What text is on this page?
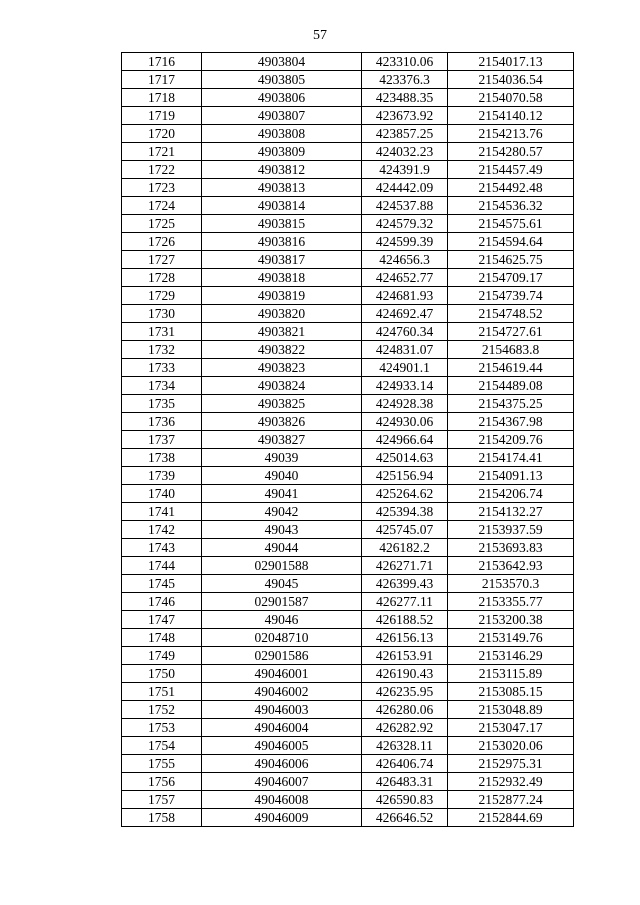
57
1716	4903804	423310.06	2154017.13
1717	4903805	423376.3	2154036.54
1718	4903806	423488.35	2154070.58
1719	4903807	423673.92	2154140.12
1720	4903808	423857.25	2154213.76
1721	4903809	424032.23	2154280.57
1722	4903812	424391.9	2154457.49
1723	4903813	424442.09	2154492.48
1724	4903814	424537.88	2154536.32
1725	4903815	424579.32	2154575.61
1726	4903816	424599.39	2154594.64
1727	4903817	424656.3	2154625.75
1728	4903818	424652.77	2154709.17
1729	4903819	424681.93	2154739.74
1730	4903820	424692.47	2154748.52
1731	4903821	424760.34	2154727.61
1732	4903822	424831.07	2154683.8
1733	4903823	424901.1	2154619.44
1734	4903824	424933.14	2154489.08
1735	4903825	424928.38	2154375.25
1736	4903826	424930.06	2154367.98
1737	4903827	424966.64	2154209.76
1738	49039	425014.63	2154174.41
1739	49040	425156.94	2154091.13
1740	49041	425264.62	2154206.74
1741	49042	425394.38	2154132.27
1742	49043	425745.07	2153937.59
1743	49044	426182.2	2153693.83
1744	02901588	426271.71	2153642.93
1745	49045	426399.43	2153570.3
1746	02901587	426277.11	2153355.77
1747	49046	426188.52	2153200.38
1748	02048710	426156.13	2153149.76
1749	02901586	426153.91	2153146.29
1750	49046001	426190.43	2153115.89
1751	49046002	426235.95	2153085.15
1752	49046003	426280.06	2153048.89
1753	49046004	426282.92	2153047.17
1754	49046005	426328.11	2153020.06
1755	49046006	426406.74	2152975.31
1756	49046007	426483.31	2152932.49
1757	49046008	426590.83	2152877.24
1758	49046009	426646.52	2152844.69
